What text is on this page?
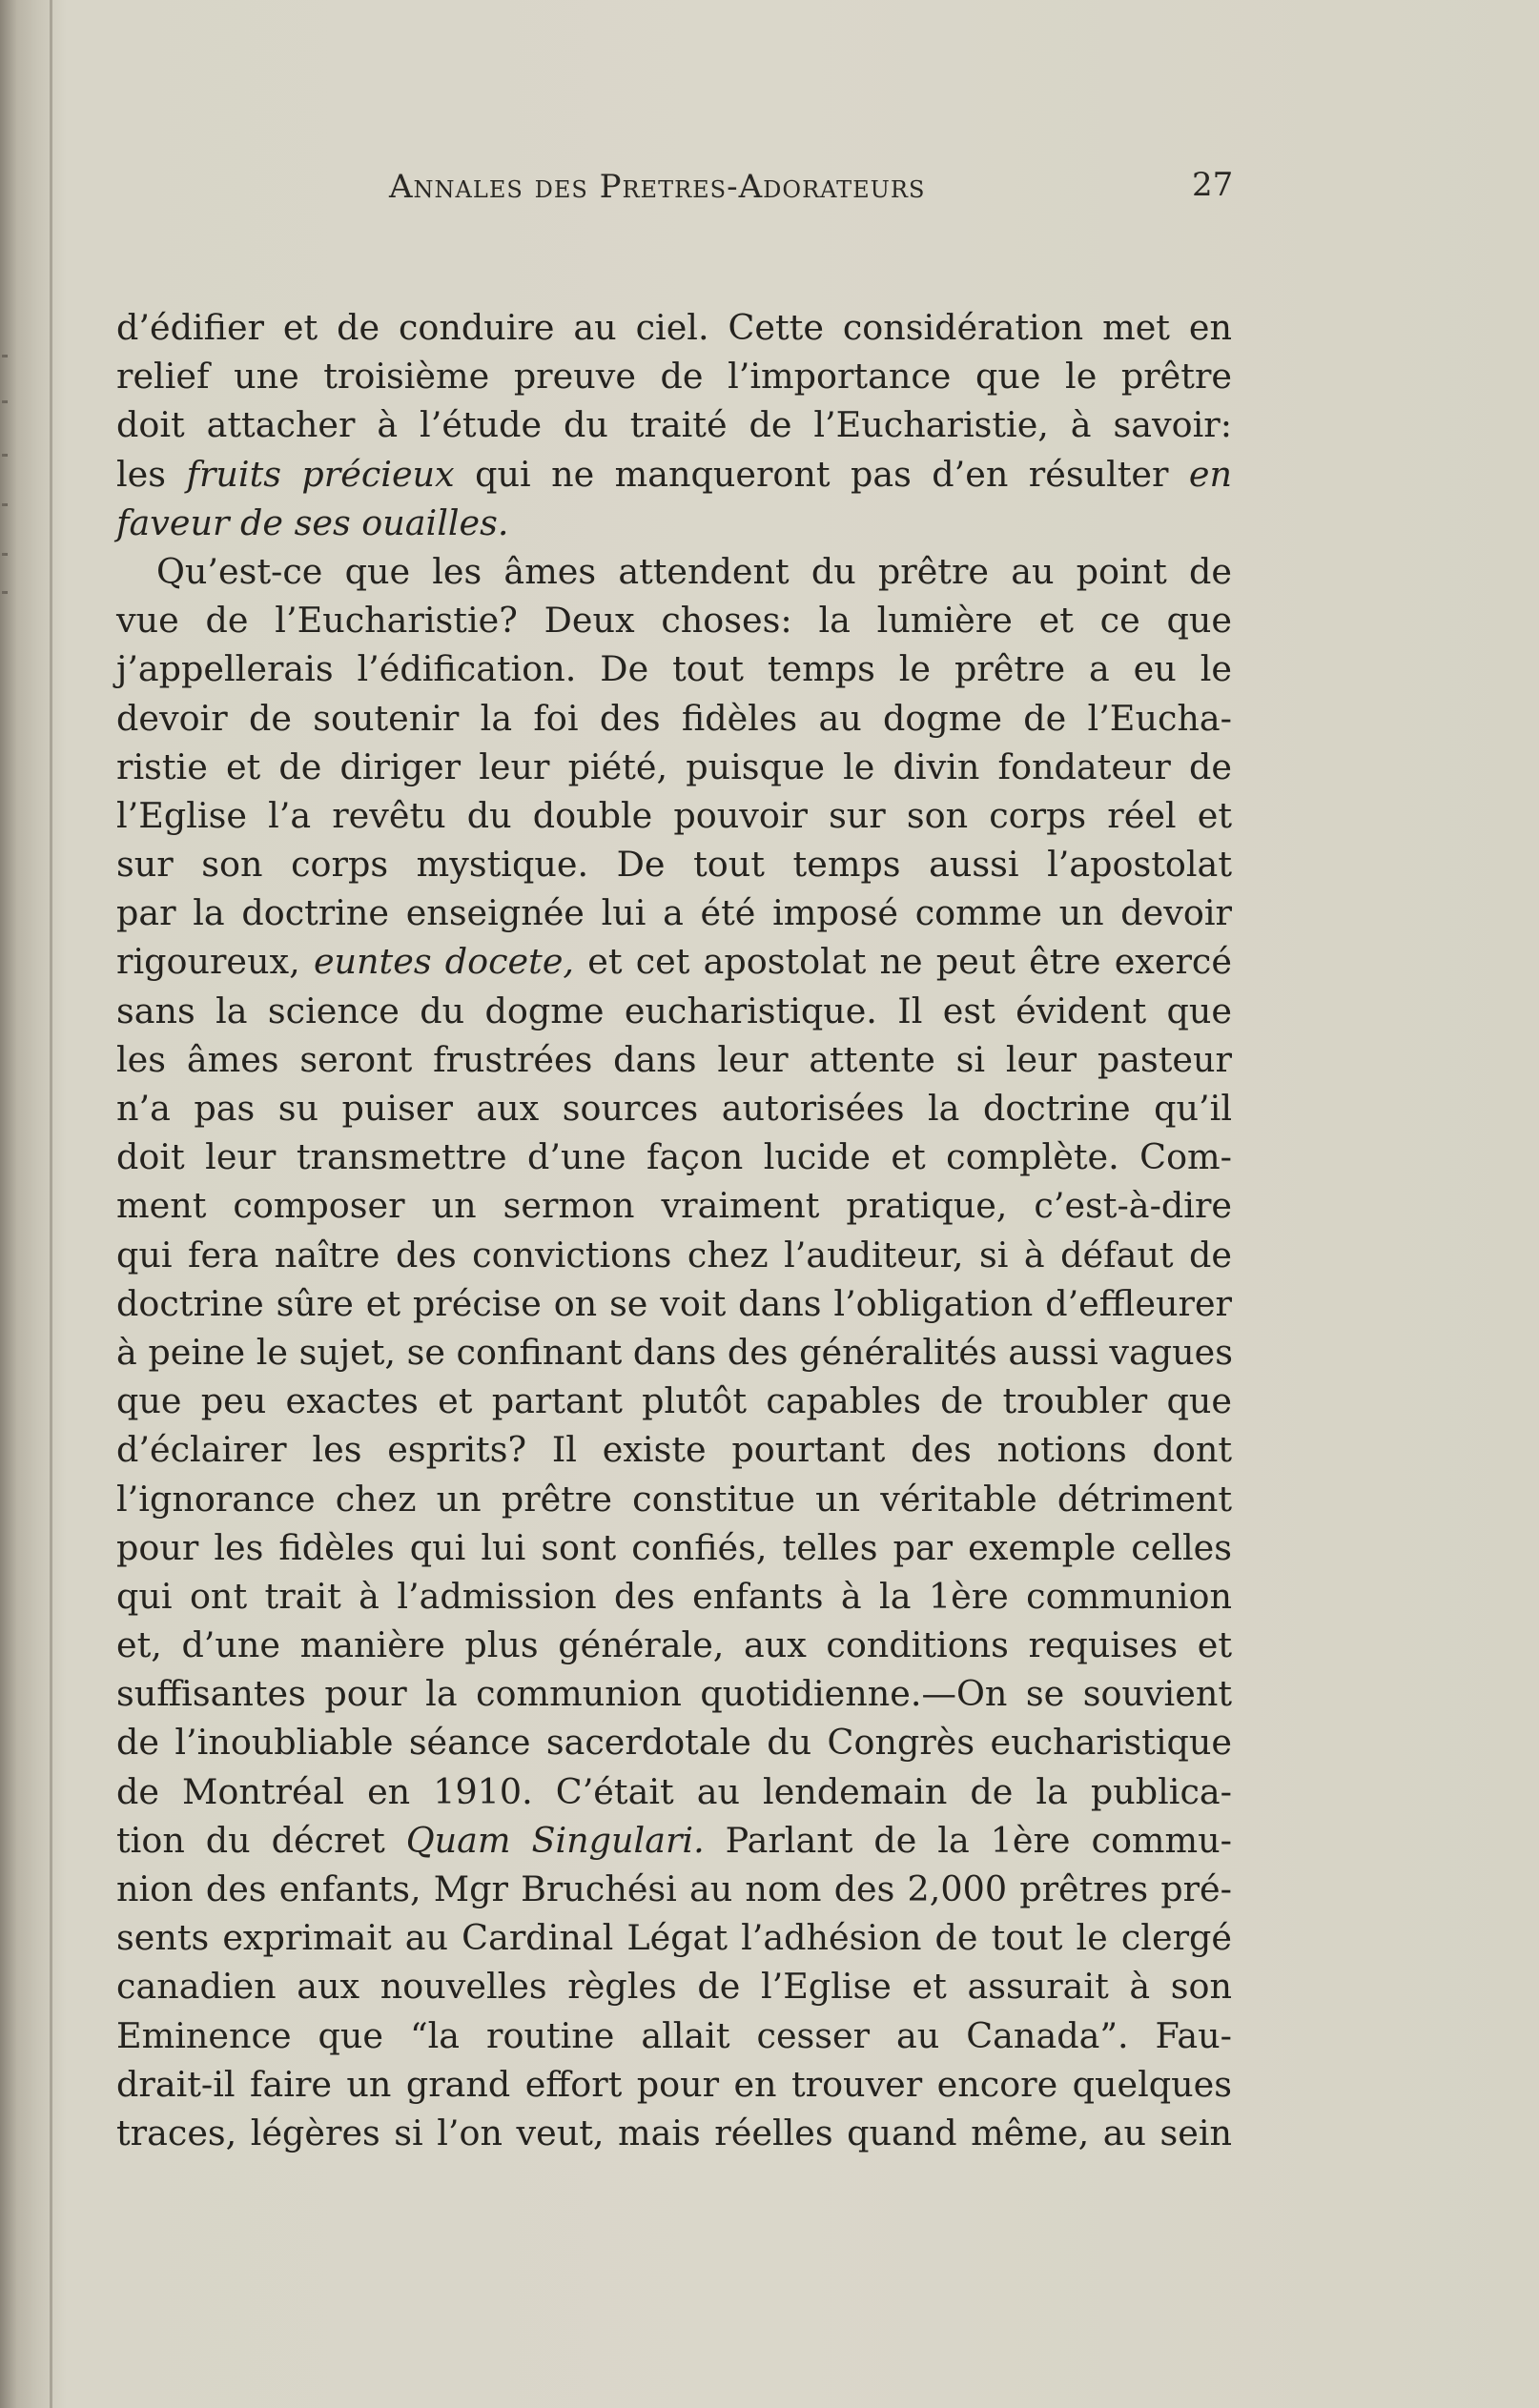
Annales des Pretres-Adorateurs	27
d’édifier et de conduire au ciel. Cette considération met en
relief une troisième preuve de l’importance que le prêtre
doit attacher à l’étude du traité de l’Eucharistie, à savoir:
les fruits précieux qui ne manqueront pas d’en résulter en
faveur de ses ouailles.
Qu’est-ce que les âmes attendent du prêtre au point de
vue de l’Eucharistie? Deux choses: la lumière et ce que
j’appellerais l’édification. De tout temps le prêtre a eu le
devoir de soutenir la foi des fidèles au dogme de l’Eucha-
ristie et de diriger leur piété, puisque le divin fondateur de
l’Eglise l’a revêtu du double pouvoir sur son corps réel et
sur son corps mystique. De tout temps aussi l’apostolat
par la doctrine enseignée lui a été imposé comme un devoir
rigoureux, euntes docete, et cet apostolat ne peut être exercé
sans la science du dogme eucharistique. Il est évident que
les âmes seront frustrées dans leur attente si leur pasteur
n’a pas su puiser aux sources autorisées la doctrine qu’il
doit leur transmettre d’une façon lucide et complète. Com-
ment composer un sermon vraiment pratique, c’est-à-dire
qui fera naître des convictions chez l’auditeur, si à défaut de
doctrine sûre et précise on se voit dans l’obligation d’effleurer
à peine le sujet, se confinant dans des généralités aussi vagues
que peu exactes et partant plutôt capables de troubler que
d’éclairer les esprits? Il existe pourtant des notions dont
l’ignorance chez un prêtre constitue un véritable détriment
pour les fidèles qui lui sont confiés, telles par exemple celles
qui ont trait à l’admission des enfants à la 1ère communion
et, d’une manière plus générale, aux conditions requises et
suffisantes pour la communion quotidienne.—On se souvient
de l’inoubliable séance sacerdotale du Congrès eucharistique
de Montréal en 1910. C’était au lendemain de la publica-
tion du décret Quam Singulari. Parlant de la 1ère commu-
nion des enfants, Mgr Bruchési au nom des 2,000 prêtres pré-
sents exprimait au Cardinal Légat l’adhésion de tout le clergé
canadien aux nouvelles règles de l’Eglise et assurait à son
Eminence que “la routine allait cesser au Canada”. Fau-
drait-il faire un grand effort pour en trouver encore quelques
traces, légères si l’on veut, mais réelles quand même, au sein
